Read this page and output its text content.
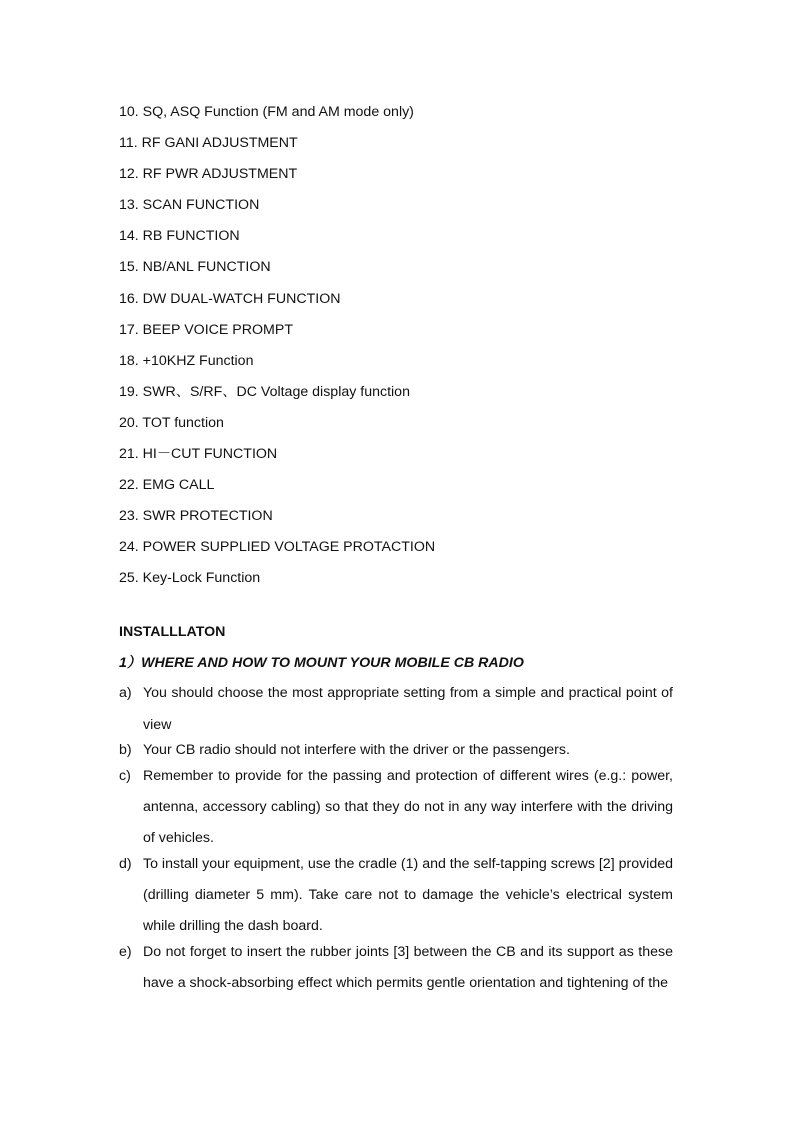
10. SQ, ASQ Function (FM and AM mode only)
11. RF GANI ADJUSTMENT
12. RF PWR ADJUSTMENT
13. SCAN FUNCTION
14. RB FUNCTION
15. NB/ANL FUNCTION
16. DW DUAL-WATCH FUNCTION
17. BEEP VOICE PROMPT
18. +10KHZ Function
19. SWR、S/RF、DC Voltage display function
20. TOT function
21. HI－CUT FUNCTION
22. EMG CALL
23. SWR PROTECTION
24. POWER SUPPLIED VOLTAGE PROTACTION
25. Key-Lock Function
INSTALLLATON
1）WHERE AND HOW TO MOUNT YOUR MOBILE CB RADIO
a) You should choose the most appropriate setting from a simple and practical point of view
b) Your CB radio should not interfere with the driver or the passengers.
c) Remember to provide for the passing and protection of different wires (e.g.: power, antenna, accessory cabling) so that they do not in any way interfere with the driving of vehicles.
d) To install your equipment, use the cradle (1) and the self-tapping screws [2] provided (drilling diameter 5 mm). Take care not to damage the vehicle’s electrical system while drilling the dash board.
e) Do not forget to insert the rubber joints [3] between the CB and its support as these have a shock-absorbing effect which permits gentle orientation and tightening of the
